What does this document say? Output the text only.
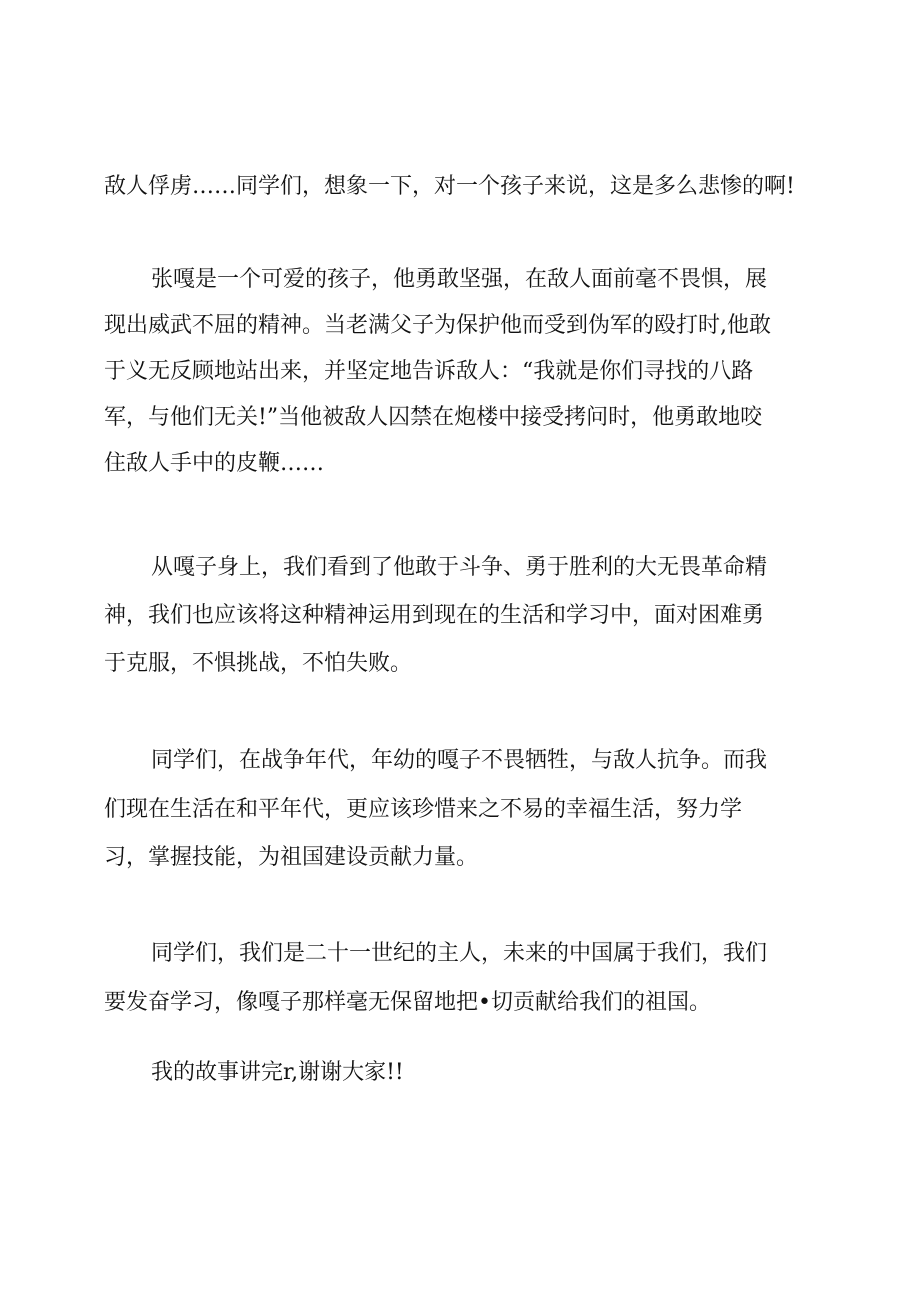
敌人俘虏……同学们，想象一下，对一个孩子来说，这是多么悲惨的啊!

张嘎是一个可爱的孩子，他勇敢坚强，在敌人面前毫不畏惧，展

现出威武不屈的精神。当老满父子为保护他而受到伪军的殴打时,他敢

于义无反顾地站出来，并坚定地告诉敌人：“我就是你们寻找的八路

军，与他们无关!”当他被敌人囚禁在炮楼中接受拷问时，他勇敢地咬

住敌人手中的皮鞭……

从嘎子身上，我们看到了他敢于斗争、勇于胜利的大无畏革命精

神，我们也应该将这种精神运用到现在的生活和学习中，面对困难勇

于克服，不惧挑战，不怕失败。

同学们，在战争年代，年幼的嘎子不畏牺牲，与敌人抗争。而我

们现在生活在和平年代，更应该珍惜来之不易的幸福生活，努力学

习，掌握技能，为祖国建设贡献力量。

同学们，我们是二十一世纪的主人，未来的中国属于我们，我们

要发奋学习，像嘎子那样毫无保留地把•切贡献给我们的祖国。

我的故事讲完r,谢谢大家!!
